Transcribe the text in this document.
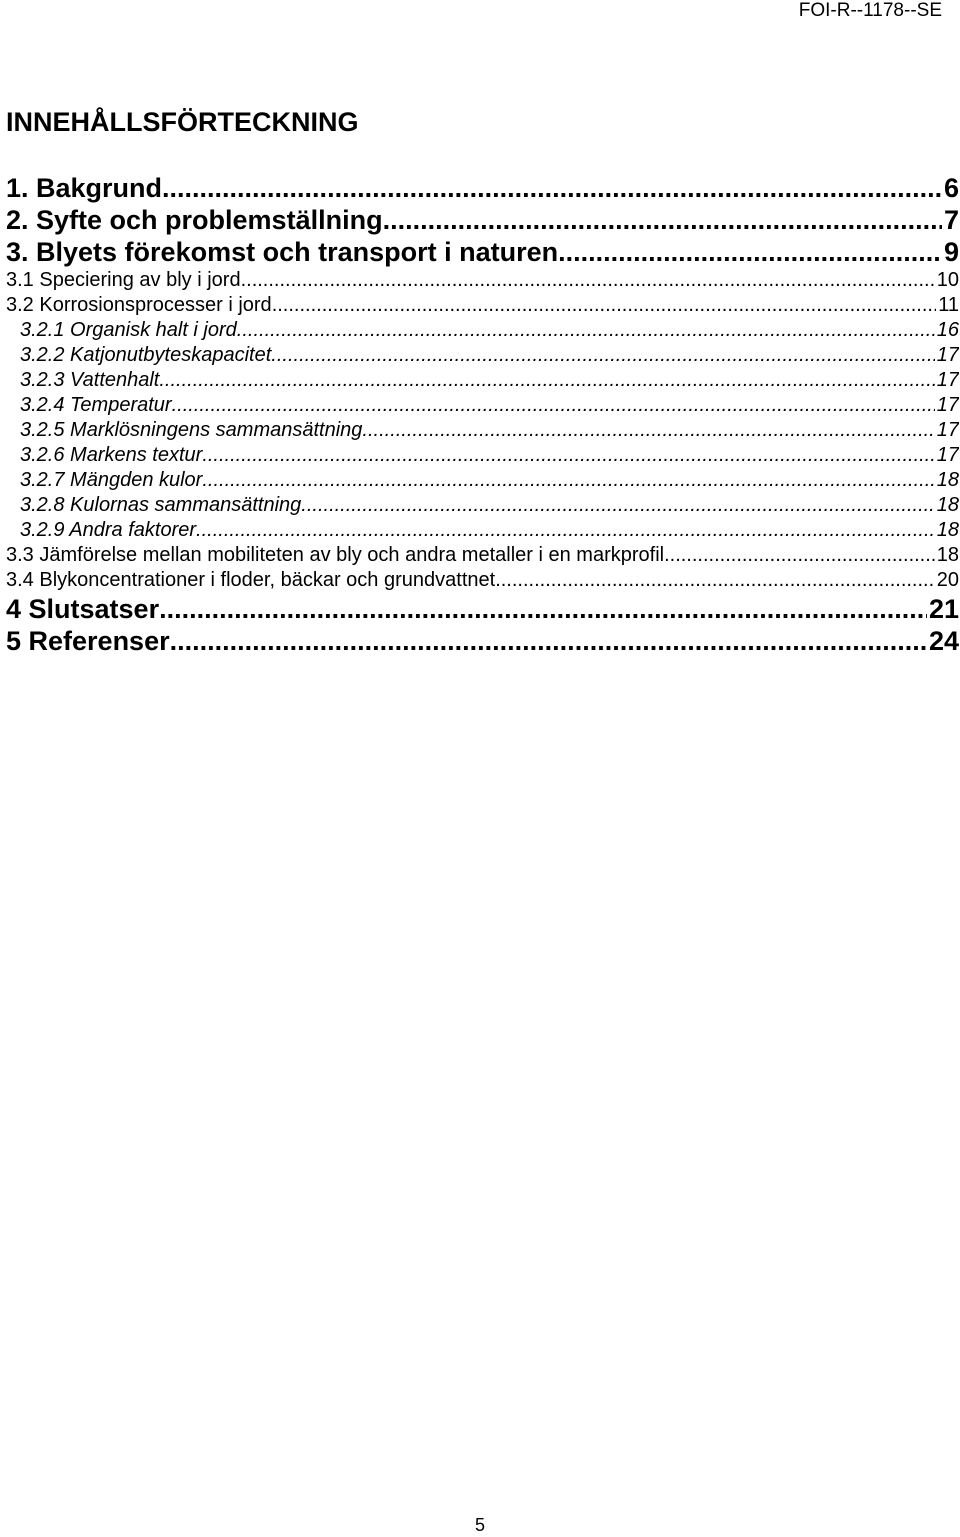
FOI-R--1178--SE
INNEHÅLLSFÖRTECKNING
1. Bakgrund .....	6
2. Syfte och problemställning .....	7
3. Blyets förekomst och transport i naturen .....	9
3.1 Speciering av bly i jord .....	10
3.2 Korrosionsprocesser i jord .....	11
3.2.1 Organisk halt i jord .....	16
3.2.2 Katjonutbyteskapacitet .....	17
3.2.3 Vattenhalt .....	17
3.2.4 Temperatur .....	17
3.2.5 Marklösningens sammansättning .....	17
3.2.6 Markens textur .....	17
3.2.7 Mängden kulor .....	18
3.2.8 Kulornas sammansättning .....	18
3.2.9 Andra faktorer .....	18
3.3 Jämförelse mellan mobiliteten av bly och andra metaller i en markprofil .....	18
3.4 Blykoncentrationer i floder, bäckar och grundvattnet .....	20
4 Slutsatser .....	21
5 Referenser .....	24
5
